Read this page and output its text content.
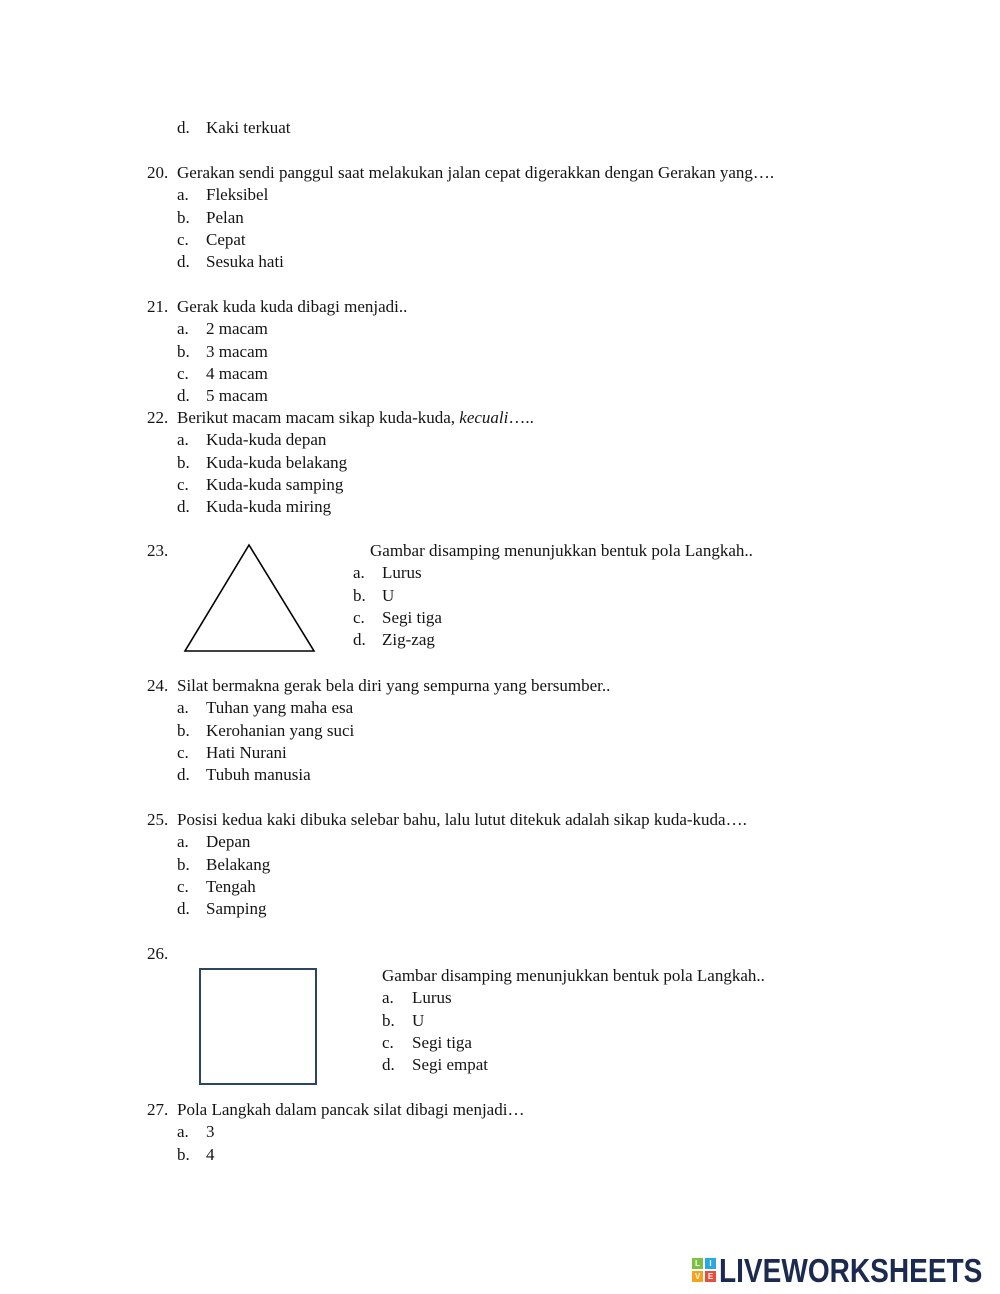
d. Kaki terkuat
20. Gerakan sendi panggul saat melakukan jalan cepat digerakkan dengan Gerakan yang….
a. Fleksibel
b. Pelan
c. Cepat
d. Sesuka hati
21. Gerak kuda kuda dibagi menjadi..
a. 2 macam
b. 3 macam
c. 4 macam
d. 5 macam
22. Berikut macam macam sikap kuda-kuda, kecuali…..
a. Kuda-kuda depan
b. Kuda-kuda belakang
c. Kuda-kuda samping
d. Kuda-kuda miring
23.	Gambar disamping menunjukkan bentuk pola Langkah..
a. Lurus
b. U
c. Segi tiga
d. Zig-zag
24. Silat bermakna gerak bela diri yang sempurna yang bersumber..
a. Tuhan yang maha esa
b. Kerohanian yang suci
c. Hati Nurani
d. Tubuh manusia
25. Posisi kedua kaki dibuka selebar bahu, lalu lutut ditekuk adalah sikap kuda-kuda….
a. Depan
b. Belakang
c. Tengah
d. Samping
26.
Gambar disamping menunjukkan bentuk pola Langkah..
a. Lurus
b. U
c. Segi tiga
d. Segi empat
27. Pola Langkah dalam pancak silat dibagi menjadi…
a. 3
b. 4
L	I
V E LIVEWORKSHEETS
